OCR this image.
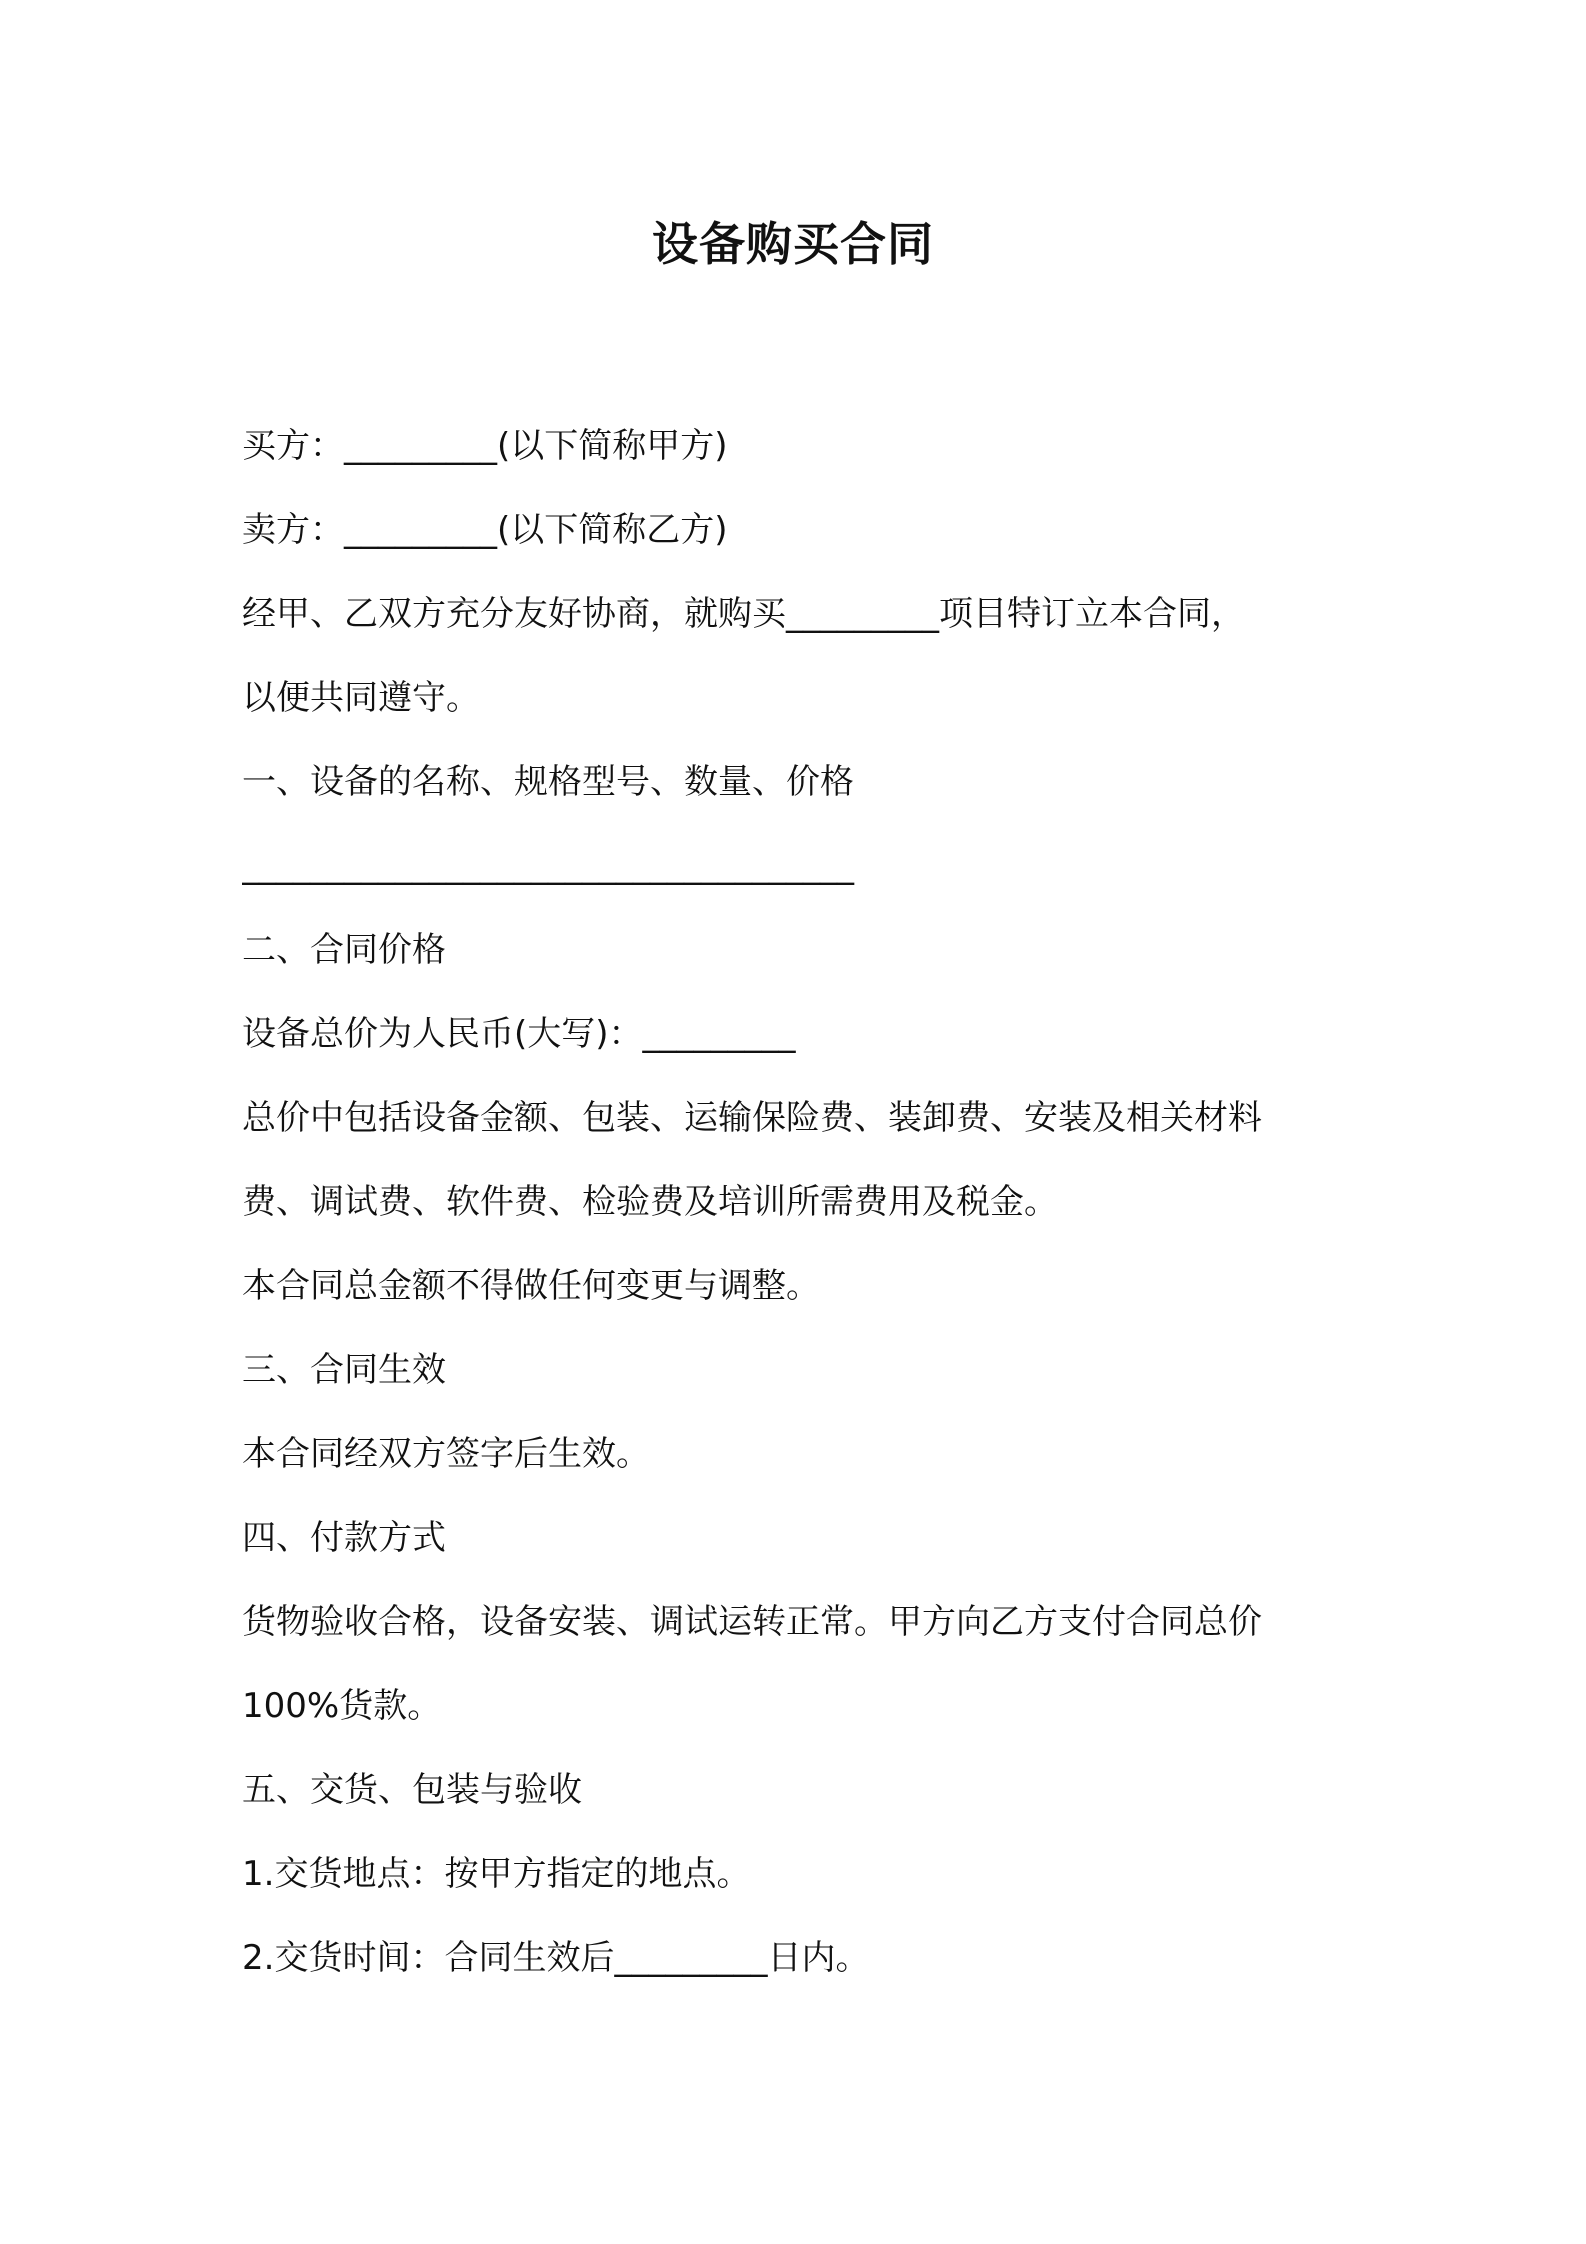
设备购买合同
买方：_________(以下简称甲方)
卖方：_________(以下简称乙方)
经甲、乙双方充分友好协商，就购买_________项目特订立本合同，
以便共同遵守。
一、设备的名称、规格型号、数量、价格
____________________________________
二、合同价格
设备总价为人民币(大写)：_________
总价中包括设备金额、包装、运输保险费、装卸费、安装及相关材料
费、调试费、软件费、检验费及培训所需费用及税金。
本合同总金额不得做任何变更与调整。
三、合同生效
本合同经双方签字后生效。
四、付款方式
货物验收合格，设备安装、调试运转正常。甲方向乙方支付合同总价
100%货款。
五、交货、包装与验收
1.交货地点：按甲方指定的地点。
2.交货时间：合同生效后_________日内。
